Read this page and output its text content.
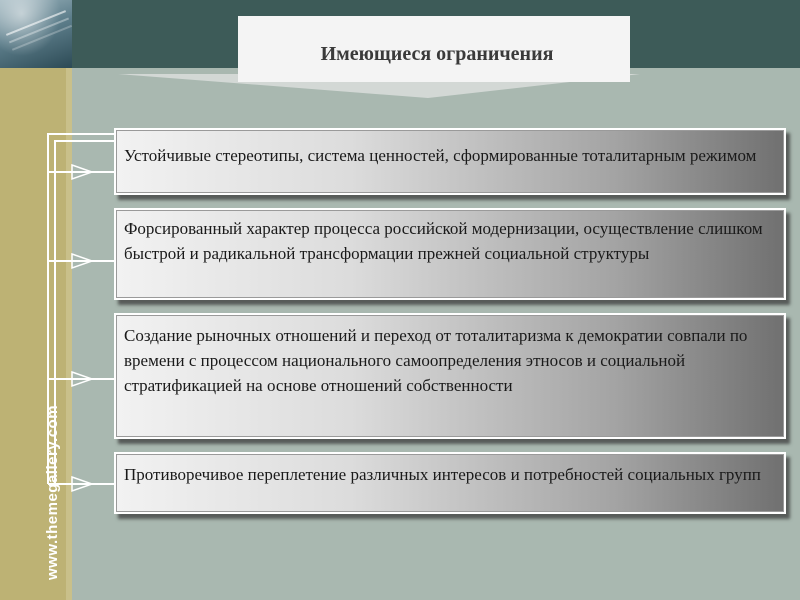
www.themegallery.com
Имеющиеся ограничения
Устойчивые стереотипы, система ценностей, сформированные тоталитарным режимом
Форсированный характер процесса российской модернизации, осуществление слишком быстрой и радикальной трансформации прежней социальной структуры
Создание рыночных отношений и переход от тоталитаризма к демократии совпали по времени с процессом национального самоопределения этносов и социальной стратификацией на основе отношений собственности
Противоречивое переплетение различных интересов и потребностей социальных групп
